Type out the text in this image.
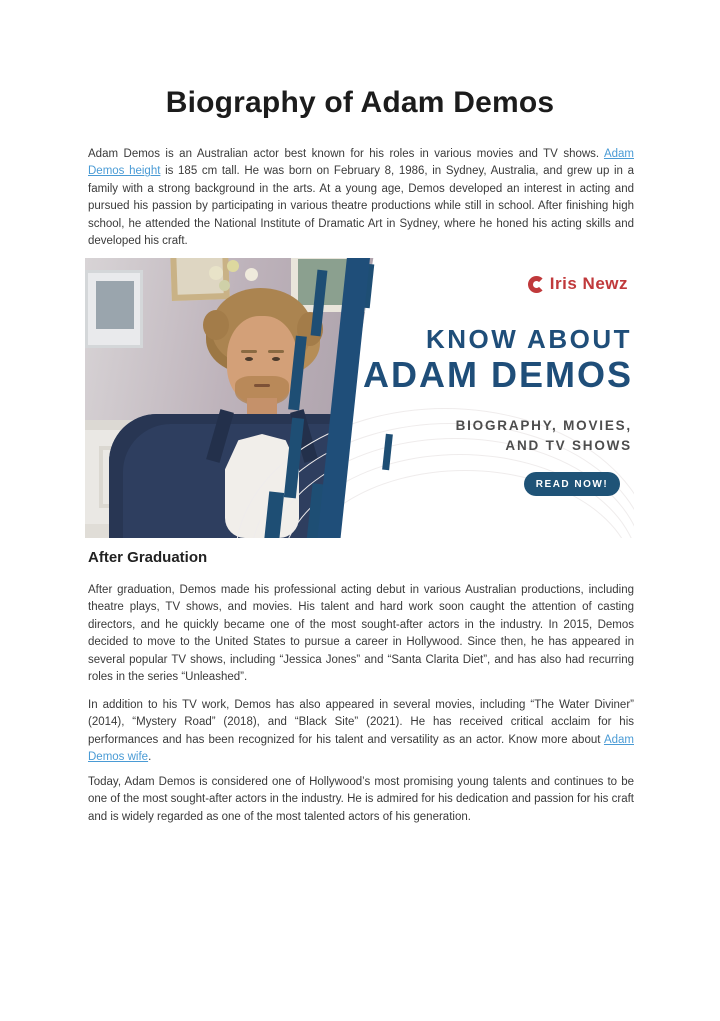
Biography of Adam Demos

Adam Demos is an Australian actor best known for his roles in various movies and TV shows. Adam Demos height is 185 cm tall. He was born on February 8, 1986, in Sydney, Australia, and grew up in a family with a strong background in the arts. At a young age, Demos developed an interest in acting and pursued his passion by participating in various theatre productions while still in school. After finishing high school, he attended the National Institute of Dramatic Art in Sydney, where he honed his acting skills and developed his craft.

Iris Newz
KNOW ABOUT
ADAM DEMOS
BIOGRAPHY, MOVIES,
AND TV SHOWS
READ NOW!
After Graduation

After graduation, Demos made his professional acting debut in various Australian productions, including theatre plays, TV shows, and movies. His talent and hard work soon caught the attention of casting directors, and he quickly became one of the most sought-after actors in the industry. In 2015, Demos decided to move to the United States to pursue a career in Hollywood. Since then, he has appeared in several popular TV shows, including “Jessica Jones” and “Santa Clarita Diet”, and has also had recurring roles in the series “Unleashed”.

In addition to his TV work, Demos has also appeared in several movies, including “The Water Diviner” (2014), “Mystery Road” (2018), and “Black Site” (2021). He has received critical acclaim for his performances and has been recognized for his talent and versatility as an actor. Know more about Adam Demos wife.

Today, Adam Demos is considered one of Hollywood’s most promising young talents and continues to be one of the most sought-after actors in the industry. He is admired for his dedication and passion for his craft and is widely regarded as one of the most talented actors of his generation.
